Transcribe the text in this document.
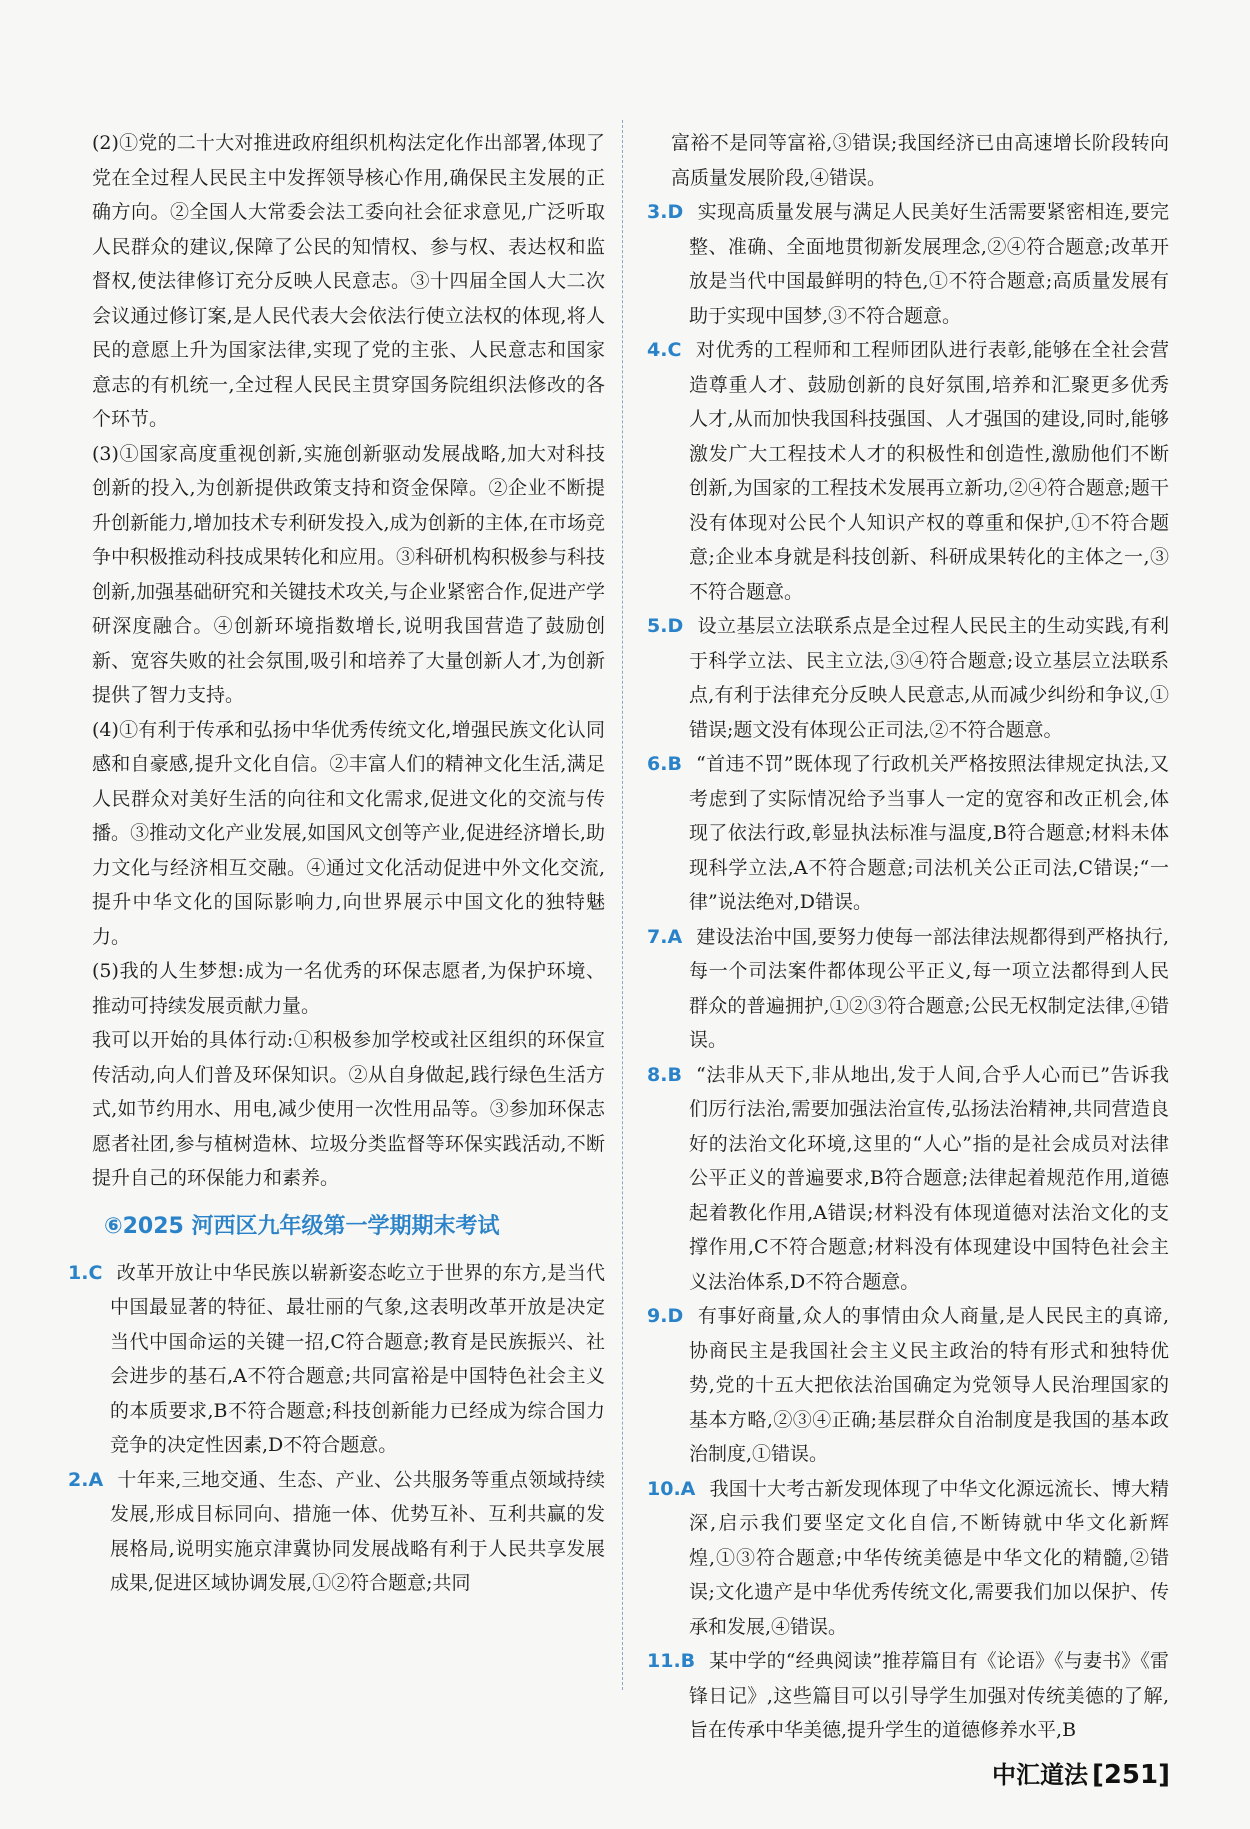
(2)①党的二十大对推进政府组织机构法定化作出部署,体现了党在全过程人民民主中发挥领导核心作用,确保民主发展的正确方向。②全国人大常委会法工委向社会征求意见,广泛听取人民群众的建议,保障了公民的知情权、参与权、表达权和监督权,使法律修订充分反映人民意志。③十四届全国人大二次会议通过修订案,是人民代表大会依法行使立法权的体现,将人民的意愿上升为国家法律,实现了党的主张、人民意志和国家意志的有机统一,全过程人民民主贯穿国务院组织法修改的各个环节。

(3)①国家高度重视创新,实施创新驱动发展战略,加大对科技创新的投入,为创新提供政策支持和资金保障。②企业不断提升创新能力,增加技术专利研发投入,成为创新的主体,在市场竞争中积极推动科技成果转化和应用。③科研机构积极参与科技创新,加强基础研究和关键技术攻关,与企业紧密合作,促进产学研深度融合。④创新环境指数增长,说明我国营造了鼓励创新、宽容失败的社会氛围,吸引和培养了大量创新人才,为创新提供了智力支持。

(4)①有利于传承和弘扬中华优秀传统文化,增强民族文化认同感和自豪感,提升文化自信。②丰富人们的精神文化生活,满足人民群众对美好生活的向往和文化需求,促进文化的交流与传播。③推动文化产业发展,如国风文创等产业,促进经济增长,助力文化与经济相互交融。④通过文化活动促进中外文化交流,提升中华文化的国际影响力,向世界展示中国文化的独特魅力。

(5)我的人生梦想:成为一名优秀的环保志愿者,为保护环境、推动可持续发展贡献力量。

我可以开始的具体行动:①积极参加学校或社区组织的环保宣传活动,向人们普及环保知识。②从自身做起,践行绿色生活方式,如节约用水、用电,减少使用一次性用品等。③参加环保志愿者社团,参与植树造林、垃圾分类监督等环保实践活动,不断提升自己的环保能力和素养。

⑥2025 河西区九年级第一学期期末考试

1.C 改革开放让中华民族以崭新姿态屹立于世界的东方,是当代中国最显著的特征、最壮丽的气象,这表明改革开放是决定当代中国命运的关键一招,C符合题意;教育是民族振兴、社会进步的基石,A不符合题意;共同富裕是中国特色社会主义的本质要求,B不符合题意;科技创新能力已经成为综合国力竞争的决定性因素,D不符合题意。

2.A 十年来,三地交通、生态、产业、公共服务等重点领域持续发展,形成目标同向、措施一体、优势互补、互利共赢的发展格局,说明实施京津冀协同发展战略有利于人民共享发展成果,促进区域协调发展,①②符合题意;共同

富裕不是同等富裕,③错误;我国经济已由高速增长阶段转向高质量发展阶段,④错误。

3.D 实现高质量发展与满足人民美好生活需要紧密相连,要完整、准确、全面地贯彻新发展理念,②④符合题意;改革开放是当代中国最鲜明的特色,①不符合题意;高质量发展有助于实现中国梦,③不符合题意。

4.C 对优秀的工程师和工程师团队进行表彰,能够在全社会营造尊重人才、鼓励创新的良好氛围,培养和汇聚更多优秀人才,从而加快我国科技强国、人才强国的建设,同时,能够激发广大工程技术人才的积极性和创造性,激励他们不断创新,为国家的工程技术发展再立新功,②④符合题意;题干没有体现对公民个人知识产权的尊重和保护,①不符合题意;企业本身就是科技创新、科研成果转化的主体之一,③不符合题意。

5.D 设立基层立法联系点是全过程人民民主的生动实践,有利于科学立法、民主立法,③④符合题意;设立基层立法联系点,有利于法律充分反映人民意志,从而减少纠纷和争议,①错误;题文没有体现公正司法,②不符合题意。

6.B “首违不罚”既体现了行政机关严格按照法律规定执法,又考虑到了实际情况给予当事人一定的宽容和改正机会,体现了依法行政,彰显执法标准与温度,B符合题意;材料未体现科学立法,A不符合题意;司法机关公正司法,C错误;“一律”说法绝对,D错误。

7.A 建设法治中国,要努力使每一部法律法规都得到严格执行,每一个司法案件都体现公平正义,每一项立法都得到人民群众的普遍拥护,①②③符合题意;公民无权制定法律,④错误。

8.B “法非从天下,非从地出,发于人间,合乎人心而已”告诉我们厉行法治,需要加强法治宣传,弘扬法治精神,共同营造良好的法治文化环境,这里的“人心”指的是社会成员对法律公平正义的普遍要求,B符合题意;法律起着规范作用,道德起着教化作用,A错误;材料没有体现道德对法治文化的支撑作用,C不符合题意;材料没有体现建设中国特色社会主义法治体系,D不符合题意。

9.D 有事好商量,众人的事情由众人商量,是人民民主的真谛,协商民主是我国社会主义民主政治的特有形式和独特优势,党的十五大把依法治国确定为党领导人民治理国家的基本方略,②③④正确;基层群众自治制度是我国的基本政治制度,①错误。

10.A 我国十大考古新发现体现了中华文化源远流长、博大精深,启示我们要坚定文化自信,不断铸就中华文化新辉煌,①③符合题意;中华传统美德是中华文化的精髓,②错误;文化遗产是中华优秀传统文化,需要我们加以保护、传承和发展,④错误。

11.B 某中学的“经典阅读”推荐篇目有《论语》《与妻书》《雷锋日记》,这些篇目可以引导学生加强对传统美德的了解,旨在传承中华美德,提升学生的道德修养水平,B

中汇道法 [251]
